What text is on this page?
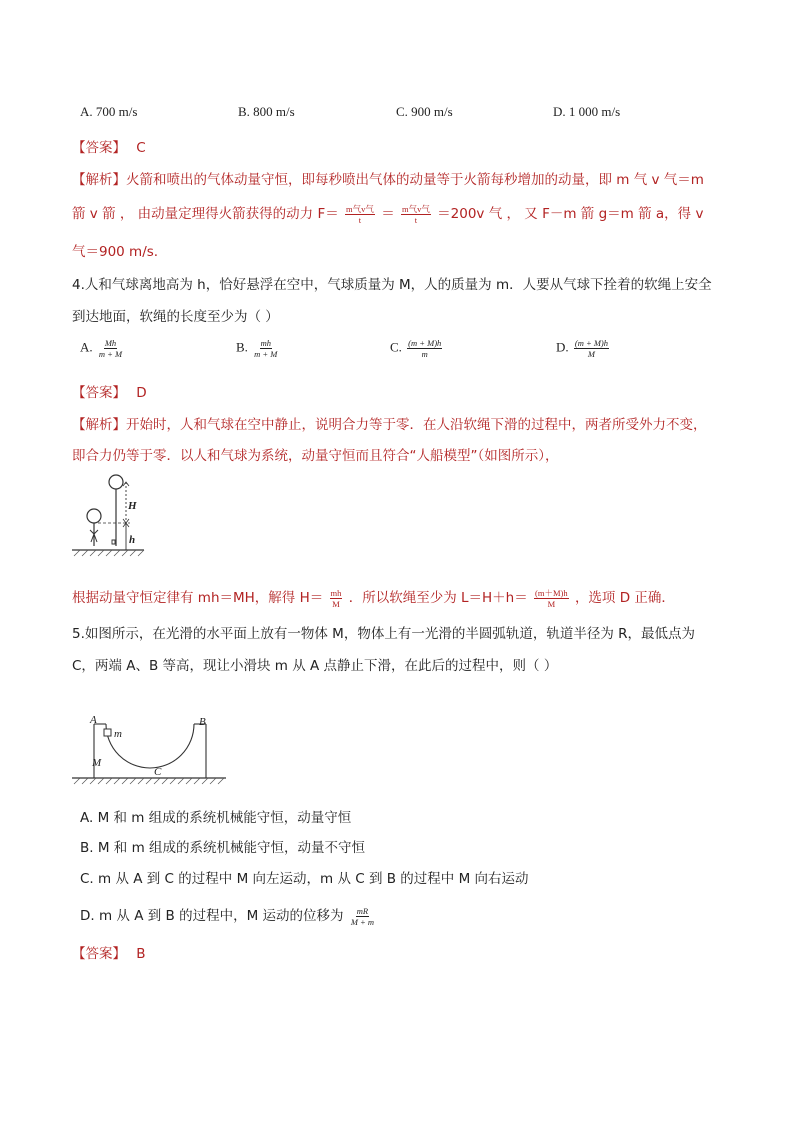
A. 700 m/s	B. 800 m/s	C. 900 m/s	D. 1 000 m/s
【答案】 C
【解析】火箭和喷出的气体动量守恒，即每秒喷出气体的动量等于火箭每秒增加的动量，即 m 气 v 气＝m
箭 v 箭 ， 由动量定理得火箭获得的动力 $F= \frac{\text{m气v气}}{t} = \frac{\text{m气v气}}{t} =200v$ 气 ， 又 F－m 箭 g＝m 箭 a，得 v
气＝900 m/s.
4.人和气球离地高为 h，恰好悬浮在空中，气球质量为 M，人的质量为 m．人要从气球下拴着的软绳上安全
到达地面，软绳的长度至少为（ ）
A. $\frac{Mh}{m + M}$	B. $\frac{mh}{m + M}$	C. $\frac{(m + M)h}{m}$	D. $\frac{(m + M)h}{M}$
【答案】 D
【解析】开始时，人和气球在空中静止，说明合力等于零．在人沿软绳下滑的过程中，两者所受外力不变，
即合力仍等于零．以人和气球为系统，动量守恒而且符合“人船模型”（如图所示），
H
h
根据动量守恒定律有 mh＝MH，解得 $H= \frac{mh}{M}$ ．所以软绳至少为 $L=H+h= \frac{(m+M)h}{M}$ ，选项 D 正确．
5.如图所示，在光滑的水平面上放有一物体 M，物体上有一光滑的半圆弧轨道，轨道半径为 R，最低点为
C，两端 A、B 等高，现让小滑块 m 从 A 点静止下滑，在此后的过程中，则（ ）
A	B
m
C
M
A. M 和 m 组成的系统机械能守恒，动量守恒
B. M 和 m 组成的系统机械能守恒，动量不守恒
C. m 从 A 到 C 的过程中 M 向左运动，m 从 C 到 B 的过程中 M 向右运动
D. m 从 A 到 B 的过程中，M 运动的位移为 $\frac{mR}{M + m}$
【答案】 B
